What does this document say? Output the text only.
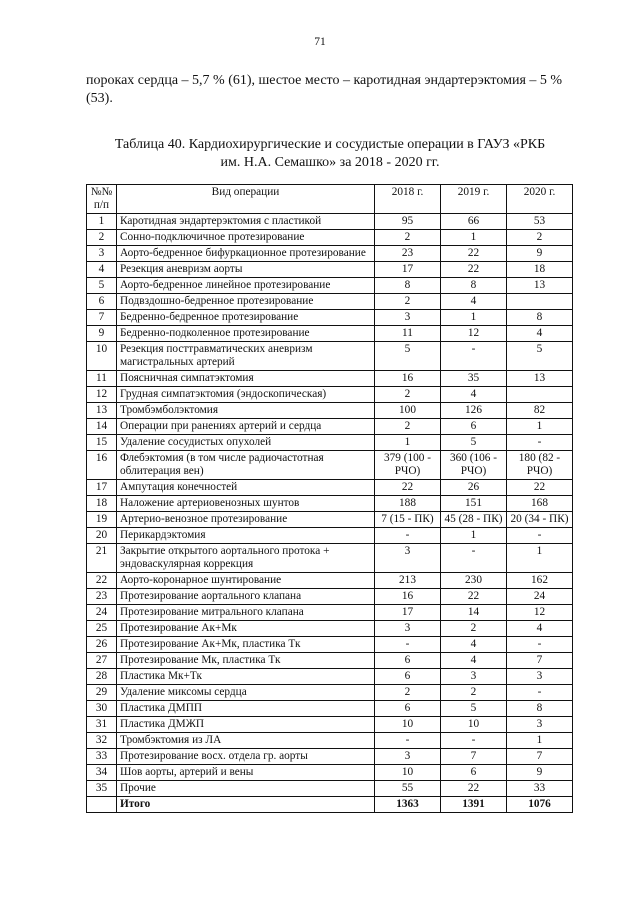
71

пороках сердца – 5,7 % (61), шестое место – каротидная эндартерэктомия – 5 % (53).

Таблица 40. Кардиохирургические и сосудистые операции в ГАУЗ «РКБ
им. Н.А. Семашко» за 2018 - 2020 гг.
№№ п/п	Вид операции	2018 г.	2019 г.	2020 г.
1	Каротидная эндартерэктомия с пластикой	95	66	53
2	Сонно-подключичное протезирование	2	1	2
3	Аорто-бедренное бифуркационное протезирование	23	22	9
4	Резекция аневризм аорты	17	22	18
5	Аорто-бедренное линейное протезирование	8	8	13
6	Подвздошно-бедренное протезирование	2	4	
7	Бедренно-бедренное протезирование	3	1	8
9	Бедренно-подколенное протезирование	11	12	4
10	Резекция посттравматических аневризм магистральных артерий	5	-	5
11	Поясничная симпатэктомия	16	35	13
12	Грудная симпатэктомия (эндоскопическая)	2	4	
13	Тромбэмболэктомия	100	126	82
14	Операции при ранениях артерий и сердца	2	6	1
15	Удаление сосудистых опухолей	1	5	-
16	Флебэктомия (в том числе радиочастотная облитерация вен)	379 (100 - РЧО)	360 (106 - РЧО)	180 (82 - РЧО)
17	Ампутация конечностей	22	26	22
18	Наложение артериовенозных шунтов	188	151	168
19	Артерио-венозное протезирование	7 (15 - ПК)	45 (28 - ПК)	20 (34 - ПК)
20	Перикардэктомия	-	1	-
21	Закрытие открытого аортального протока + эндоваскулярная коррекция	3	-	1
22	Аорто-коронарное шунтирование	213	230	162
23	Протезирование аортального клапана	16	22	24
24	Протезирование митрального клапана	17	14	12
25	Протезирование Ак+Мк	3	2	4
26	Протезирование Ак+Мк, пластика Тк	-	4	-
27	Протезирование Мк, пластика Тк	6	4	7
28	Пластика Мк+Тк	6	3	3
29	Удаление миксомы сердца	2	2	-
30	Пластика ДМПП	6	5	8
31	Пластика ДМЖП	10	10	3
32	Тромбэктомия из ЛА	-	-	1
33	Протезирование восх. отдела гр. аорты	3	7	7
34	Шов аорты, артерий и вены	10	6	9
35	Прочие	55	22	33
	Итого	1363	1391	1076
